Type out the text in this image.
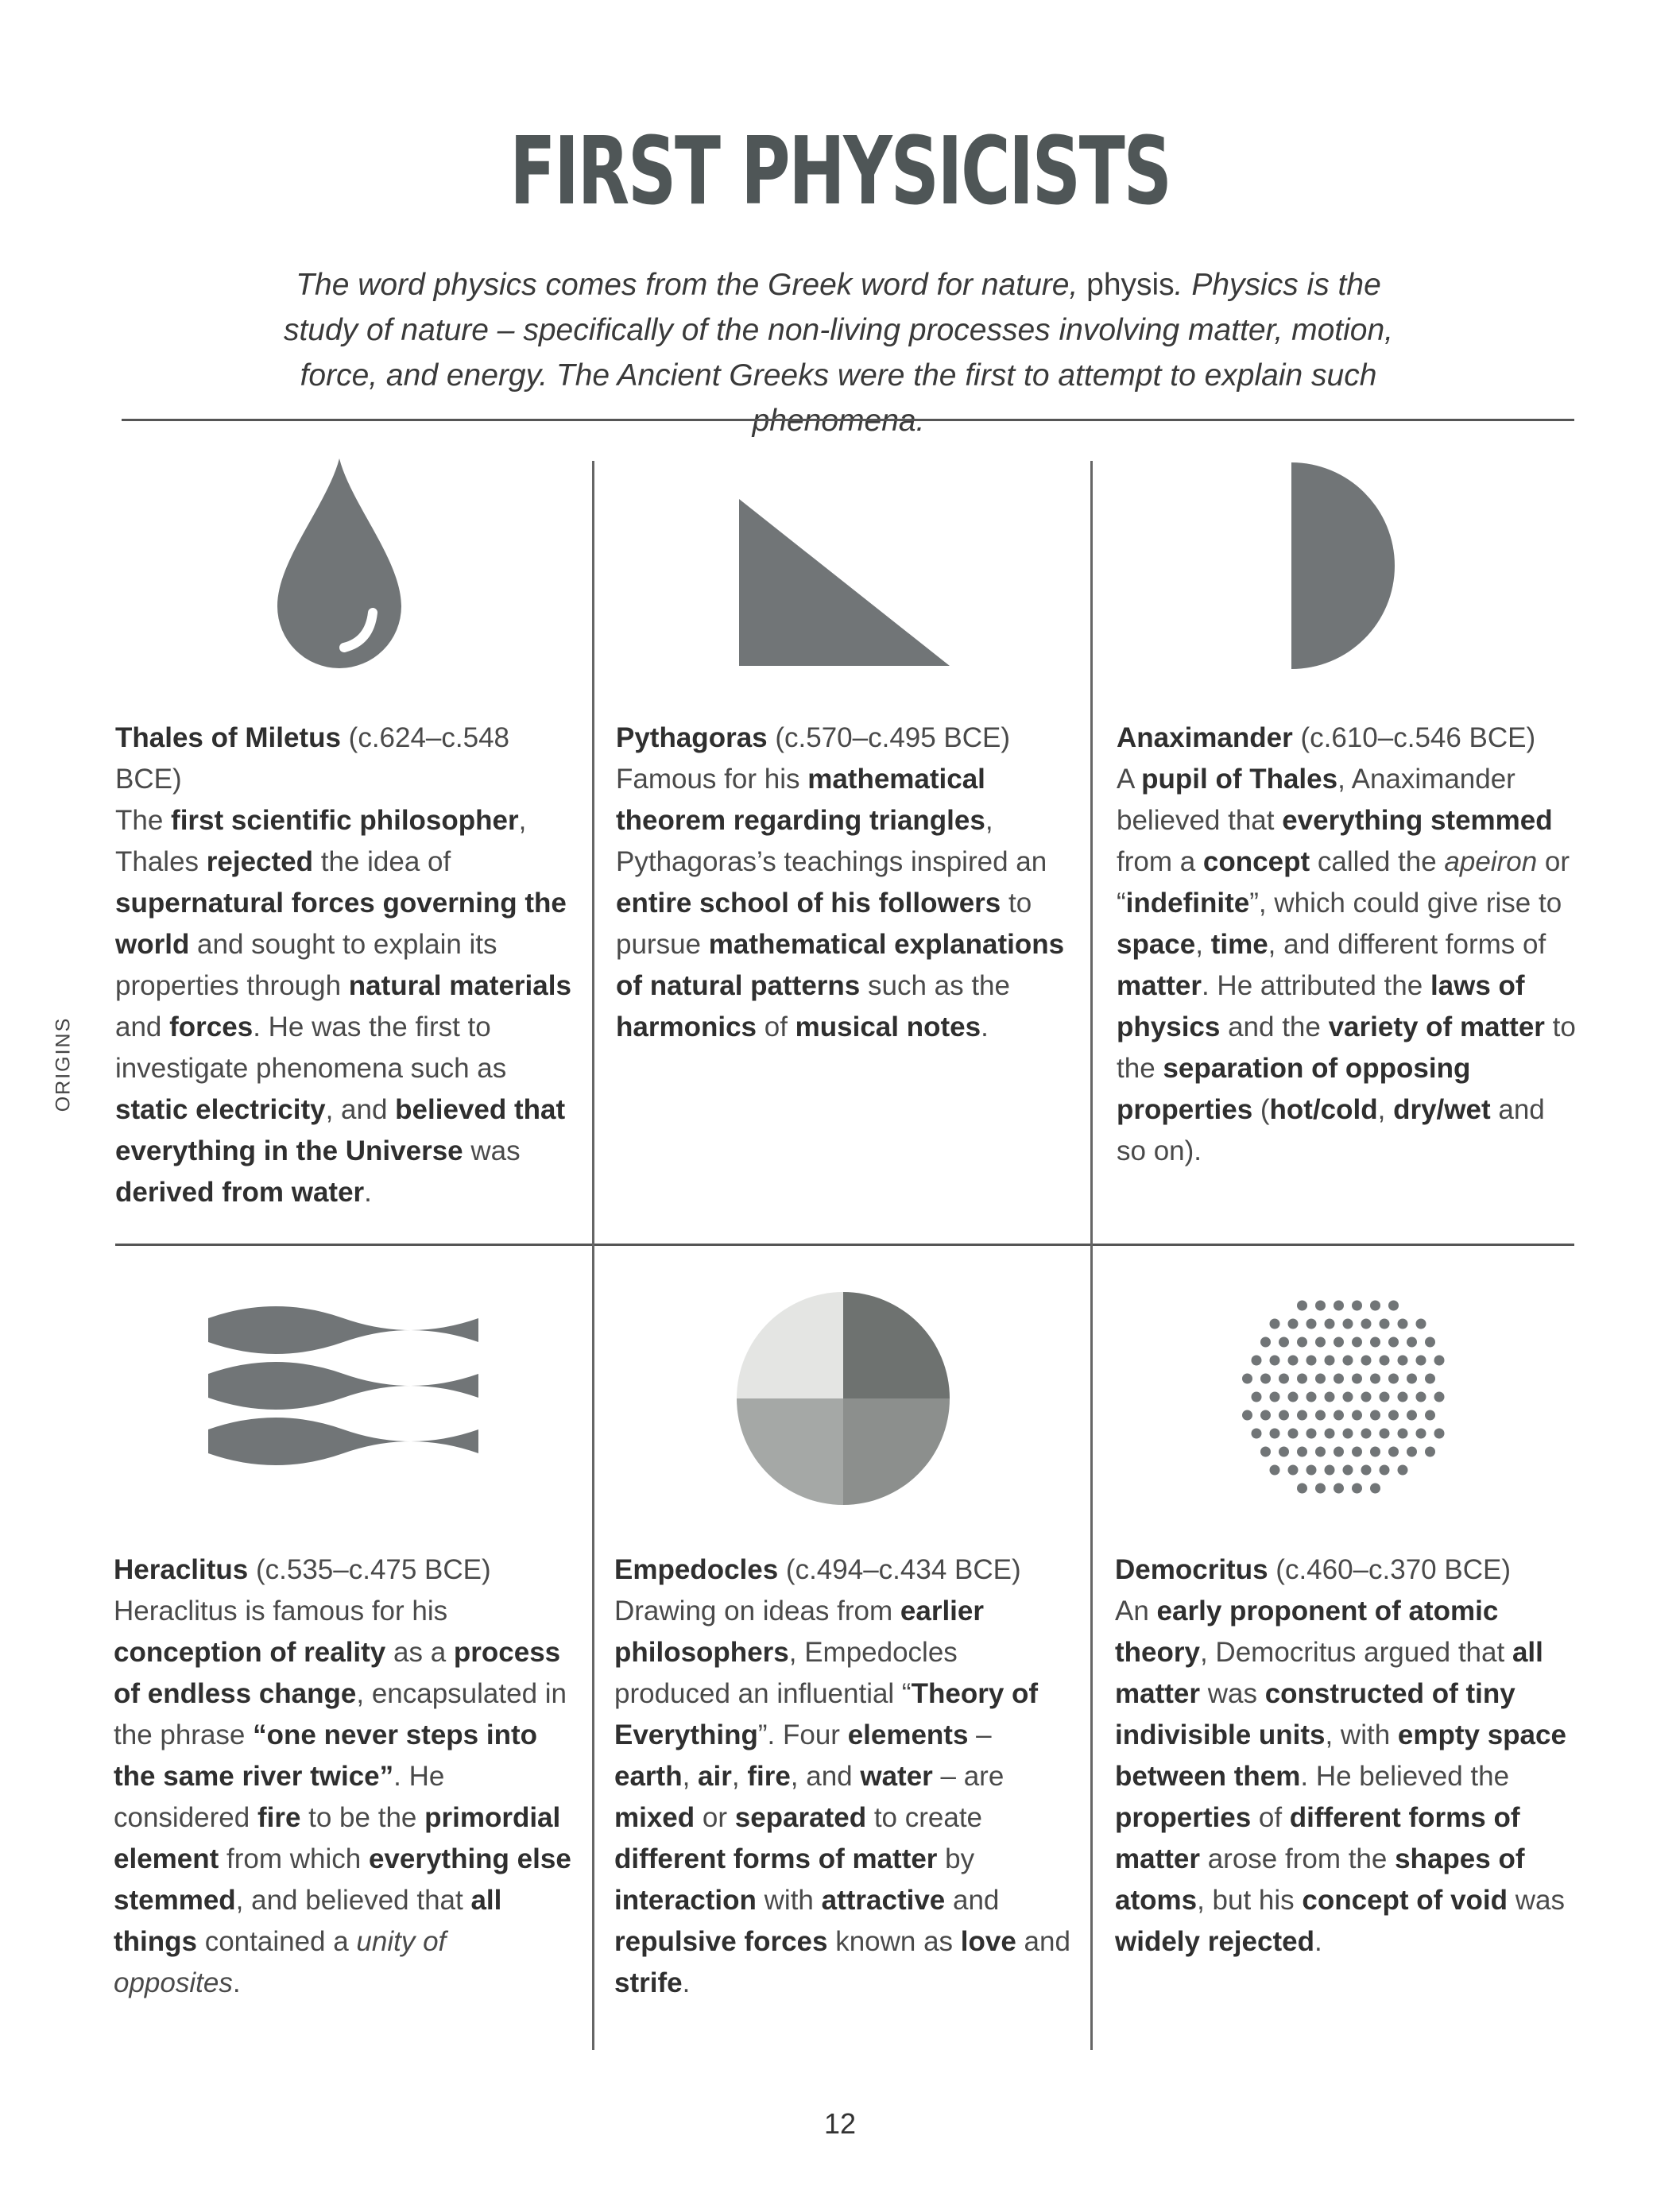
FIRST PHYSICISTS

The word physics comes from the Greek word for nature, physis. Physics is the study of nature – specifically of the non-living processes involving matter, motion, force, and energy. The Ancient Greeks were the first to attempt to explain such phenomena.

ORIGINS
Thales of Miletus (c.624–c.548 BCE)
The first scientific philosopher, Thales rejected the idea of supernatural forces governing the world and sought to explain its properties through natural materials and forces. He was the first to investigate phenomena such as static electricity, and believed that everything in the Universe was derived from water.
Pythagoras (c.570–c.495 BCE)
Famous for his mathematical theorem regarding triangles, Pythagoras’s teachings inspired an entire school of his followers to pursue mathematical explanations of natural patterns such as the harmonics of musical notes.
Anaximander (c.610–c.546 BCE)
A pupil of Thales, Anaximander believed that everything stemmed from a concept called the apeiron or “indefinite”, which could give rise to space, time, and different forms of matter. He attributed the laws of physics and the variety of matter to the separation of opposing properties (hot/cold, dry/wet and so on).
Heraclitus (c.535–c.475 BCE)
Heraclitus is famous for his conception of reality as a process of endless change, encapsulated in the phrase “one never steps into the same river twice”. He considered fire to be the primordial element from which everything else stemmed, and believed that all things contained a unity of opposites.
Empedocles (c.494–c.434 BCE)
Drawing on ideas from earlier philosophers, Empedocles produced an influential “Theory of Everything”. Four elements – earth, air, fire, and water – are mixed or separated to create different forms of matter by interaction with attractive and repulsive forces known as love and strife.
Democritus (c.460–c.370 BCE)
An early proponent of atomic theory, Democritus argued that all matter was constructed of tiny indivisible units, with empty space between them. He believed the properties of different forms of matter arose from the shapes of atoms, but his concept of void was widely rejected.
12
